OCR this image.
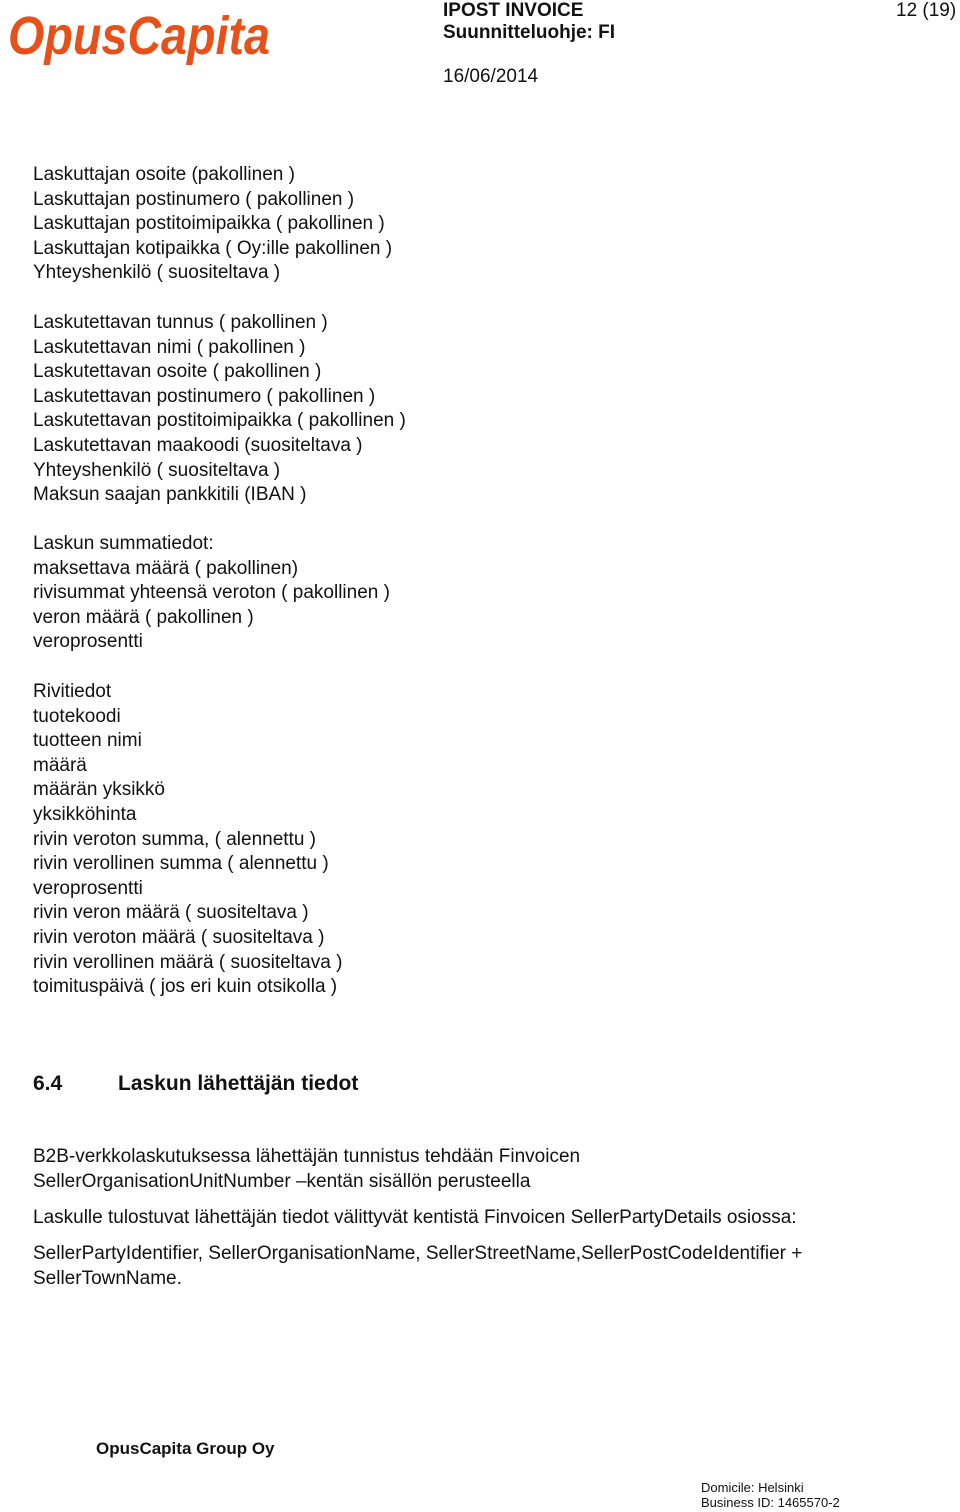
OpusCapita	IPOST INVOICE
Suunnitteluohje: FI
16/06/2014
12 (19)
Laskuttajan osoite (pakollinen )
Laskuttajan postinumero ( pakollinen )
Laskuttajan postitoimipaikka ( pakollinen )
Laskuttajan kotipaikka ( Oy:ille pakollinen )
Yhteyshenkilö ( suositeltava )
Laskutettavan tunnus ( pakollinen )
Laskutettavan nimi ( pakollinen )
Laskutettavan osoite ( pakollinen )
Laskutettavan postinumero ( pakollinen )
Laskutettavan postitoimipaikka ( pakollinen )
Laskutettavan maakoodi (suositeltava )
Yhteyshenkilö ( suositeltava )
Maksun saajan pankkitili (IBAN )
Laskun summatiedot:
maksettava määrä ( pakollinen)
rivisummat yhteensä veroton ( pakollinen )
veron määrä ( pakollinen )
veroprosentti
Rivitiedot
tuotekoodi
tuotteen nimi
määrä
määrän yksikkö
yksikköhinta
rivin veroton summa, ( alennettu )
rivin verollinen summa ( alennettu )
veroprosentti
rivin veron määrä ( suositeltava )
rivin veroton määrä ( suositeltava )
rivin verollinen määrä ( suositeltava )
toimituspäivä ( jos eri kuin otsikolla )
6.4	Laskun lähettäjän tiedot
B2B-verkkolaskutuksessa lähettäjän tunnistus tehdään Finvoicen
SellerOrganisationUnitNumber –kentän sisällön perusteella
Laskulle tulostuvat lähettäjän tiedot välittyvät kentistä Finvoicen SellerPartyDetails osiossa:
SellerPartyIdentifier, SellerOrganisationName, SellerStreetName,SellerPostCodeIdentifier +
SellerTownName.
OpusCapita Group Oy
Domicile: Helsinki
Business ID: 1465570-2
